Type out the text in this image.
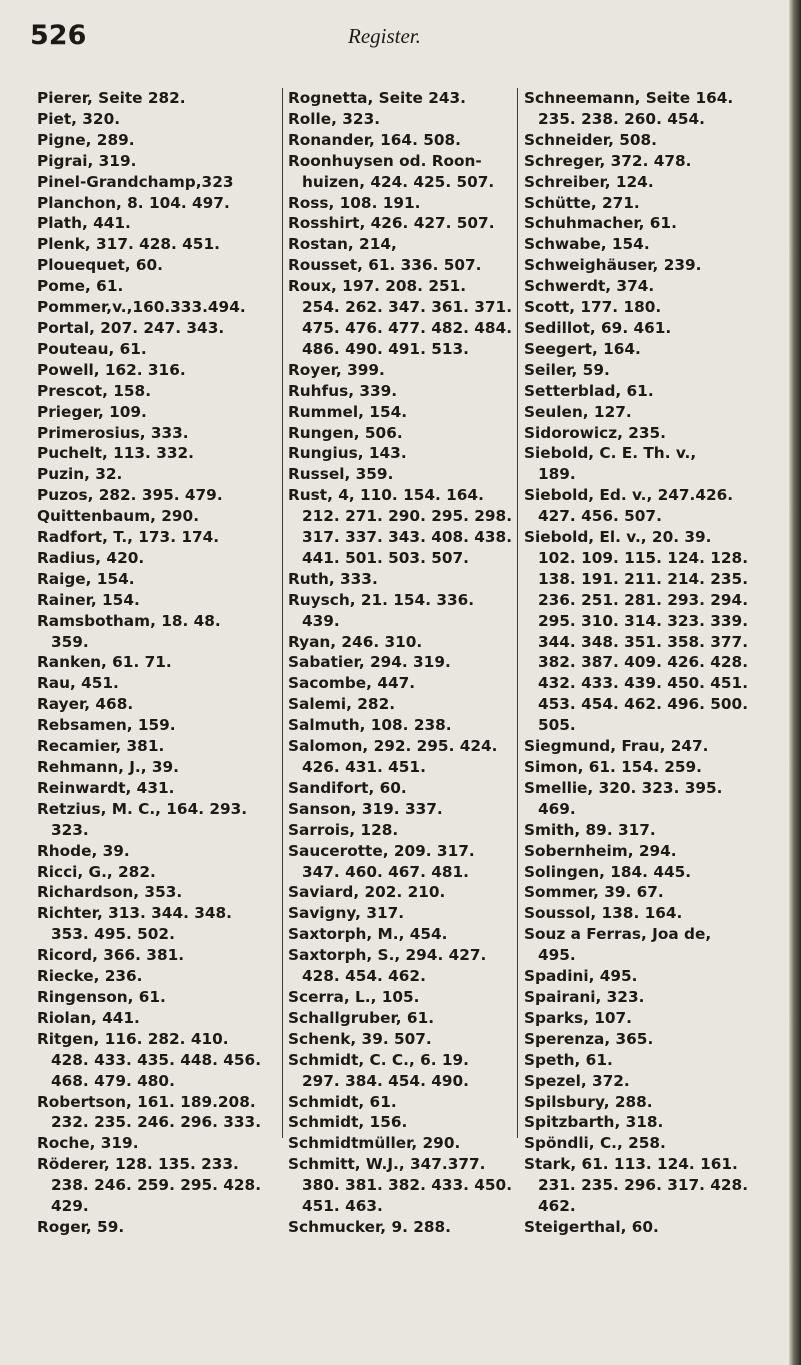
526	Register.
Pierer, Seite 282.
Piet, 320.
Pigne, 289.
Pigrai, 319.
Pinel-Grandchamp,323
Planchon, 8. 104. 497.
Plath, 441.
Plenk, 317. 428. 451.
Plouequet, 60.
Pome, 61.
Pommer,v.,160.333.494.
Portal, 207. 247. 343.
Pouteau, 61.
Powell, 162. 316.
Prescot, 158.
Prieger, 109.
Primerosius, 333.
Puchelt, 113. 332.
Puzin, 32.
Puzos, 282. 395. 479.
Quittenbaum, 290.
Radfort, T., 173. 174.
Radius, 420.
Raige, 154.
Rainer, 154.
Ramsbotham, 18. 48.
359.
Ranken, 61. 71.
Rau, 451.
Rayer, 468.
Rebsamen, 159.
Recamier, 381.
Rehmann, J., 39.
Reinwardt, 431.
Retzius, M. C., 164. 293.
323.
Rhode, 39.
Ricci, G., 282.
Richardson, 353.
Richter, 313. 344. 348.
353. 495. 502.
Ricord, 366. 381.
Riecke, 236.
Ringenson, 61.
Riolan, 441.
Ritgen, 116. 282. 410.
428. 433. 435. 448. 456.
468. 479. 480.
Robertson, 161. 189.208.
232. 235. 246. 296. 333.
Roche, 319.
Röderer, 128. 135. 233.
238. 246. 259. 295. 428.
429.
Roger, 59.
Rognetta, Seite 243.
Rolle, 323.
Ronander, 164. 508.
Roonhuysen od. Roon-
huizen, 424. 425. 507.
Ross, 108. 191.
Rosshirt, 426. 427. 507.
Rostan, 214,
Rousset, 61. 336. 507.
Roux, 197. 208. 251.
254. 262. 347. 361. 371.
475. 476. 477. 482. 484.
486. 490. 491. 513.
Royer, 399.
Ruhfus, 339.
Rummel, 154.
Rungen, 506.
Rungius, 143.
Russel, 359.
Rust, 4, 110. 154. 164.
212. 271. 290. 295. 298.
317. 337. 343. 408. 438.
441. 501. 503. 507.
Ruth, 333.
Ruysch, 21. 154. 336.
439.
Ryan, 246. 310.
Sabatier, 294. 319.
Sacombe, 447.
Salemi, 282.
Salmuth, 108. 238.
Salomon, 292. 295. 424.
426. 431. 451.
Sandifort, 60.
Sanson, 319. 337.
Sarrois, 128.
Saucerotte, 209. 317.
347. 460. 467. 481.
Saviard, 202. 210.
Savigny, 317.
Saxtorph, M., 454.
Saxtorph, S., 294. 427.
428. 454. 462.
Scerra, L., 105.
Schallgruber, 61.
Schenk, 39. 507.
Schmidt, C. C., 6. 19.
297. 384. 454. 490.
Schmidt, 61.
Schmidt, 156.
Schmidtmüller, 290.
Schmitt, W.J., 347.377.
380. 381. 382. 433. 450.
451. 463.
Schmucker, 9. 288.
Schneemann, Seite 164.
235. 238. 260. 454.
Schneider, 508.
Schreger, 372. 478.
Schreiber, 124.
Schütte, 271.
Schuhmacher, 61.
Schwabe, 154.
Schweighäuser, 239.
Schwerdt, 374.
Scott, 177. 180.
Sedillot, 69. 461.
Seegert, 164.
Seiler, 59.
Setterblad, 61.
Seulen, 127.
Sidorowicz, 235.
Siebold, C. E. Th. v.,
189.
Siebold, Ed. v., 247.426.
427. 456. 507.
Siebold, El. v., 20. 39.
102. 109. 115. 124. 128.
138. 191. 211. 214. 235.
236. 251. 281. 293. 294.
295. 310. 314. 323. 339.
344. 348. 351. 358. 377.
382. 387. 409. 426. 428.
432. 433. 439. 450. 451.
453. 454. 462. 496. 500.
505.
Siegmund, Frau, 247.
Simon, 61. 154. 259.
Smellie, 320. 323. 395.
469.
Smith, 89. 317.
Sobernheim, 294.
Solingen, 184. 445.
Sommer, 39. 67.
Soussol, 138. 164.
Souz a Ferras, Joa de,
495.
Spadini, 495.
Spairani, 323.
Sparks, 107.
Sperenza, 365.
Speth, 61.
Spezel, 372.
Spilsbury, 288.
Spitzbarth, 318.
Spöndli, C., 258.
Stark, 61. 113. 124. 161.
231. 235. 296. 317. 428.
462.
Steigerthal, 60.
